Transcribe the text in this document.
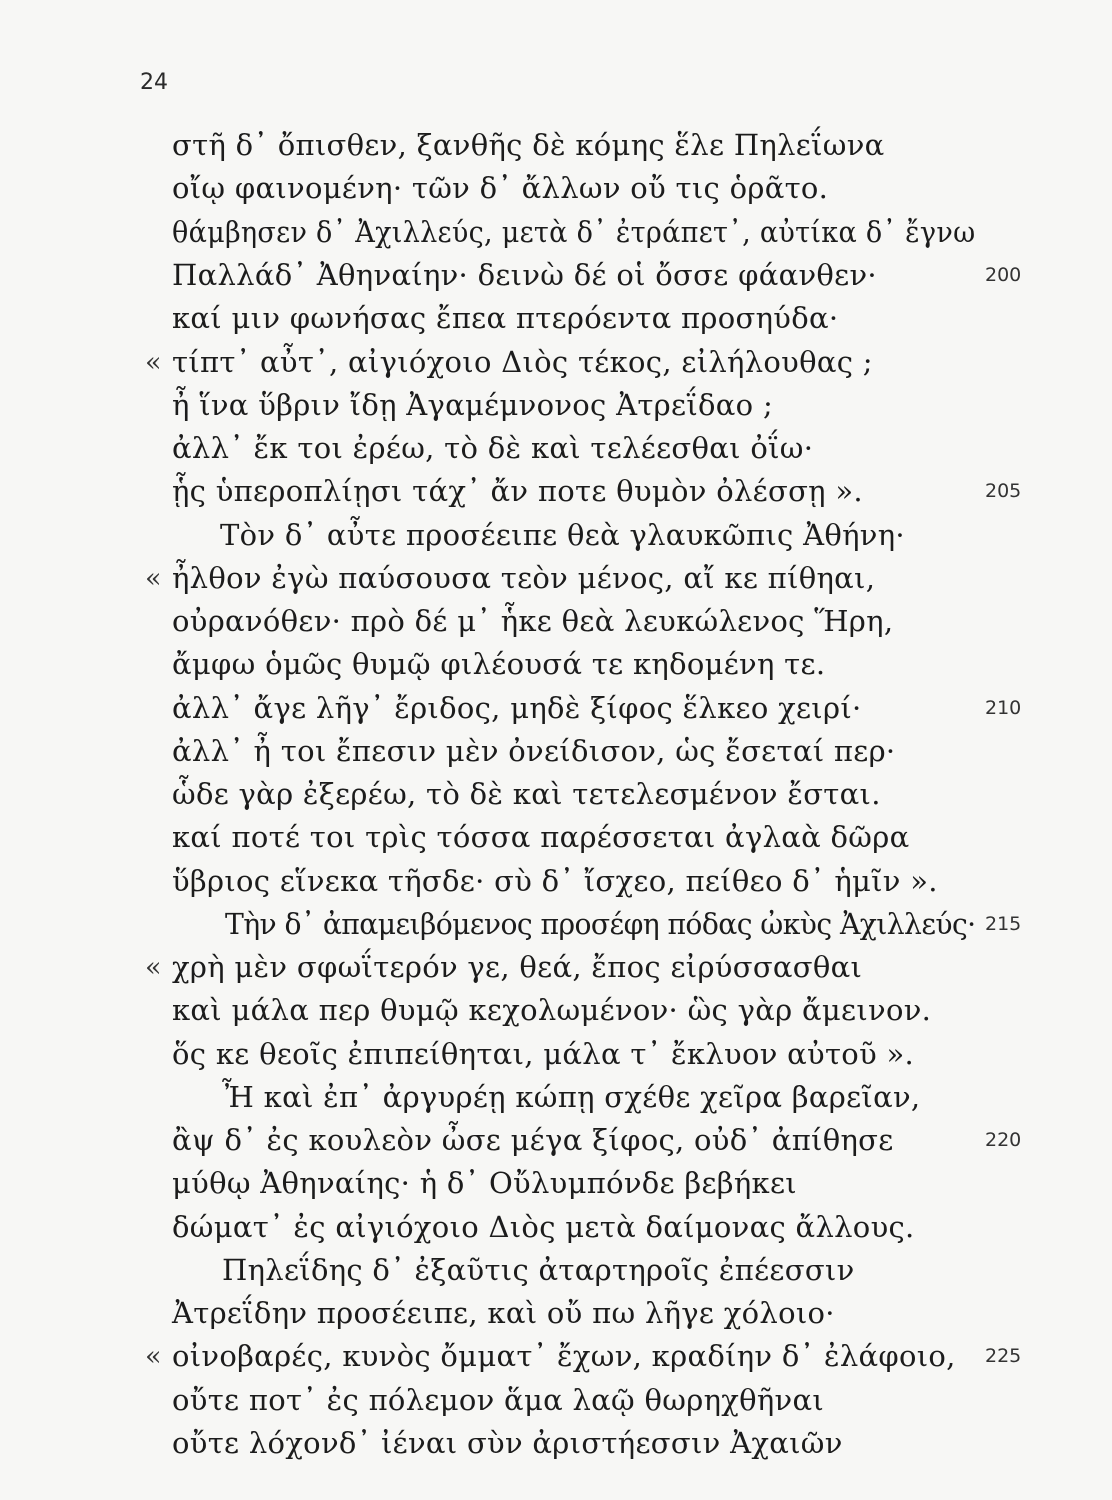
24
στῆ δ᾽ ὄπισθεν, ξανθῆς δὲ κόμης ἕλε Πηλεΐωνα
οἴῳ φαινομένη· τῶν δ᾽ ἄλλων οὔ τις ὁρᾶτο.
θάμβησεν δ᾽ Ἀχιλλεύς, μετὰ δ᾽ ἐτράπετ᾽, αὐτίκα δ᾽ ἔγνω
Παλλάδ᾽ Ἀθηναίην· δεινὼ δέ οἱ ὄσσε φάανθεν·	200
καί μιν φωνήσας ἔπεα πτερόεντα προσηύδα·
« τίπτ᾽ αὖτ᾽, αἰγιόχοιο Διὸς τέκος, εἰλήλουθας ;
ἦ ἵνα ὕβριν ἴδῃ Ἀγαμέμνονος Ἀτρεΐδαο ;
ἀλλ᾽ ἔκ τοι ἐρέω, τὸ δὲ καὶ τελέεσθαι ὀΐω·
ᾗς ὑπεροπλίῃσι τάχ᾽ ἄν ποτε θυμὸν ὀλέσσῃ ».	205
Τὸν δ᾽ αὖτε προσέειπε θεὰ γλαυκῶπις Ἀθήνη·
« ἦλθον ἐγὼ παύσουσα τεὸν μένος, αἴ κε πίθηαι,
οὐρανόθεν· πρὸ δέ μ᾽ ἧκε θεὰ λευκώλενος Ἥρη,
ἄμφω ὁμῶς θυμῷ φιλέουσά τε κηδομένη τε.
ἀλλ᾽ ἄγε λῆγ᾽ ἔριδος, μηδὲ ξίφος ἕλκεο χειρί·	210
ἀλλ᾽ ἦ τοι ἔπεσιν μὲν ὀνείδισον, ὡς ἔσεταί περ·
ὧδε γὰρ ἐξερέω, τὸ δὲ καὶ τετελεσμένον ἔσται.
καί ποτέ τοι τρὶς τόσσα παρέσσεται ἀγλαὰ δῶρα
ὕβριος εἵνεκα τῆσδε· σὺ δ᾽ ἴσχεο, πείθεο δ᾽ ἡμῖν ».
Τὴν δ᾽ ἀπαμειβόμενος προσέφη πόδας ὠκὺς Ἀχιλλεύς· 215
« χρὴ μὲν σφωΐτερόν γε, θεά, ἔπος εἰρύσσασθαι
καὶ μάλα περ θυμῷ κεχολωμένον· ὣς γὰρ ἄμεινον.
ὅς κε θεοῖς ἐπιπείθηται, μάλα τ᾽ ἔκλυον αὐτοῦ ».
Ἦ καὶ ἐπ᾽ ἀργυρέῃ κώπῃ σχέθε χεῖρα βαρεῖαν,
ἂψ δ᾽ ἐς κουλεὸν ὦσε μέγα ξίφος, οὐδ᾽ ἀπίθησε	220
μύθῳ Ἀθηναίης· ἡ δ᾽ Οὔλυμπόνδε βεβήκει
δώματ᾽ ἐς αἰγιόχοιο Διὸς μετὰ δαίμονας ἄλλους.
Πηλεΐδης δ᾽ ἐξαῦτις ἀταρτηροῖς ἐπέεσσιν
Ἀτρεΐδην προσέειπε, καὶ οὔ πω λῆγε χόλοιο·
« οἰνοβαρές, κυνὸς ὄμματ᾽ ἔχων, κραδίην δ᾽ ἐλάφοιο, 225
οὔτε ποτ᾽ ἐς πόλεμον ἅμα λαῷ θωρηχθῆναι
οὔτε λόχονδ᾽ ἰέναι σὺν ἀριστήεσσιν Ἀχαιῶν
